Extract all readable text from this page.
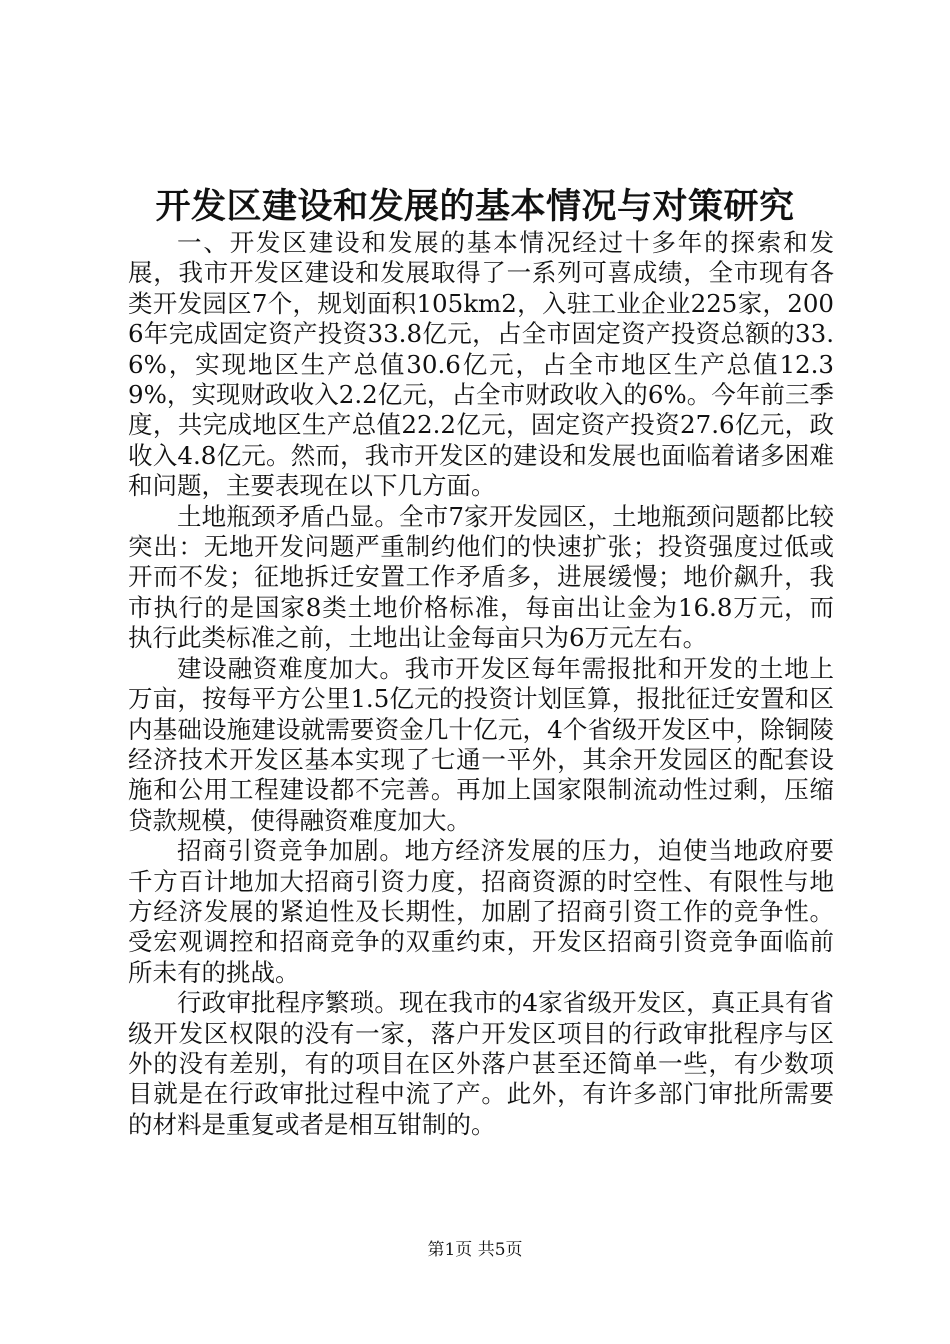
开发区建设和发展的基本情况与对策研究

一、开发区建设和发展的基本情况经过十多年的探索和发展，我市开发区建设和发展取得了一系列可喜成绩，全市现有各类开发园区7个，规划面积105km2，入驻工业企业225家，2006年完成固定资产投资33.8亿元，占全市固定资产投资总额的33.6%，实现地区生产总值30.6亿元，占全市地区生产总值12.39%，实现财政收入2.2亿元，占全市财政收入的6%。今年前三季度，共完成地区生产总值22.2亿元，固定资产投资27.6亿元，政收入4.8亿元。然而，我市开发区的建设和发展也面临着诸多困难和问题，主要表现在以下几方面。

土地瓶颈矛盾凸显。全市7家开发园区，土地瓶颈问题都比较突出：无地开发问题严重制约他们的快速扩张；投资强度过低或开而不发；征地拆迁安置工作矛盾多，进展缓慢；地价飙升，我市执行的是国家8类土地价格标准，每亩出让金为16.8万元，而执行此类标准之前，土地出让金每亩只为6万元左右。

建设融资难度加大。我市开发区每年需报批和开发的土地上万亩，按每平方公里1.5亿元的投资计划匡算，报批征迁安置和区内基础设施建设就需要资金几十亿元，4个省级开发区中，除铜陵经济技术开发区基本实现了七通一平外，其余开发园区的配套设施和公用工程建设都不完善。再加上国家限制流动性过剩，压缩贷款规模，使得融资难度加大。

招商引资竞争加剧。地方经济发展的压力，迫使当地政府要千方百计地加大招商引资力度，招商资源的时空性、有限性与地方经济发展的紧迫性及长期性，加剧了招商引资工作的竞争性。受宏观调控和招商竞争的双重约束，开发区招商引资竞争面临前所未有的挑战。

行政审批程序繁琐。现在我市的4家省级开发区，真正具有省级开发区权限的没有一家，落户开发区项目的行政审批程序与区外的没有差别，有的项目在区外落户甚至还简单一些，有少数项目就是在行政审批过程中流了产。此外，有许多部门审批所需要的材料是重复或者是相互钳制的。

第1页 共5页
